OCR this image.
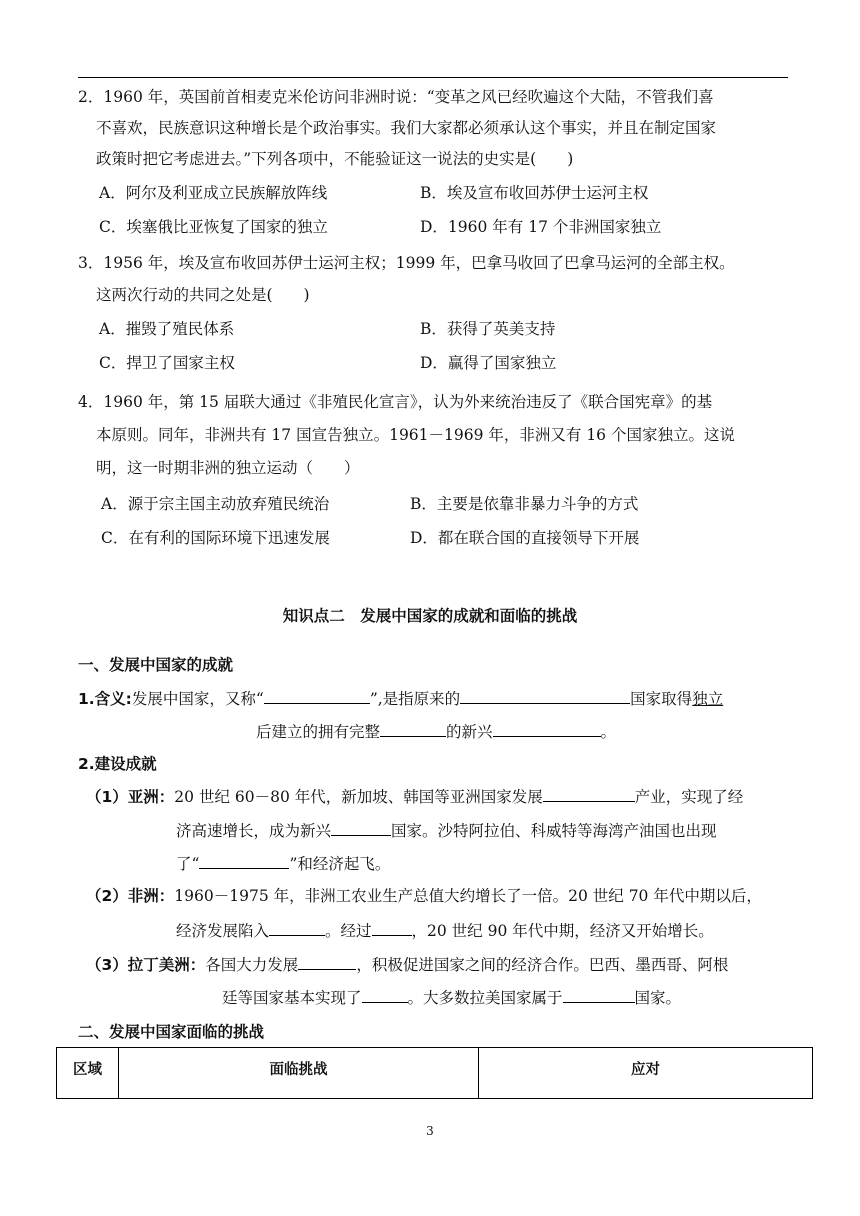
2．1960 年，英国前首相麦克米伦访问非洲时说：“变革之风已经吹遍这个大陆，不管我们喜
不喜欢，民族意识这种增长是个政治事实。我们大家都必须承认这个事实，并且在制定国家
政策时把它考虑进去。”下列各项中，不能验证这一说法的史实是(　　)
A．阿尔及利亚成立民族解放阵线	B．埃及宣布收回苏伊士运河主权
C．埃塞俄比亚恢复了国家的独立	D．1960 年有 17 个非洲国家独立
3．1956 年，埃及宣布收回苏伊士运河主权；1999 年，巴拿马收回了巴拿马运河的全部主权。
这两次行动的共同之处是(　　)
A．摧毁了殖民体系	B．获得了英美支持
C．捍卫了国家主权	D．赢得了国家独立
4．1960 年，第 15 届联大通过《非殖民化宣言》，认为外来统治违反了《联合国宪章》的基
本原则。同年，非洲共有 17 国宣告独立。1961－1969 年，非洲又有 16 个国家独立。这说
明，这一时期非洲的独立运动（　　）
A．源于宗主国主动放弃殖民统治	B．主要是依靠非暴力斗争的方式
C．在有利的国际环境下迅速发展	D．都在联合国的直接领导下开展
知识点二　发展中国家的成就和面临的挑战
一、发展中国家的成就
1.含义:发展中国家，又称“	”,是指原来的	国家取得独立
后建立的拥有完整	的新兴	。
2.建设成就
（1）亚洲：20 世纪 60－80 年代，新加坡、韩国等亚洲国家发展	产业，实现了经
济高速增长，成为新兴	国家。沙特阿拉伯、科威特等海湾产油国也出现
了“	”和经济起飞。
（2）非洲：1960－1975 年，非洲工农业生产总值大约增长了一倍。20 世纪 70 年代中期以后，
经济发展陷入	。经过	，20 世纪 90 年代中期，经济又开始增长。
（3）拉丁美洲：各国大力发展	，积极促进国家之间的经济合作。巴西、墨西哥、阿根
廷等国家基本实现了	。大多数拉美国家属于	国家。
二、发展中国家面临的挑战
区域	面临挑战	应对
3
